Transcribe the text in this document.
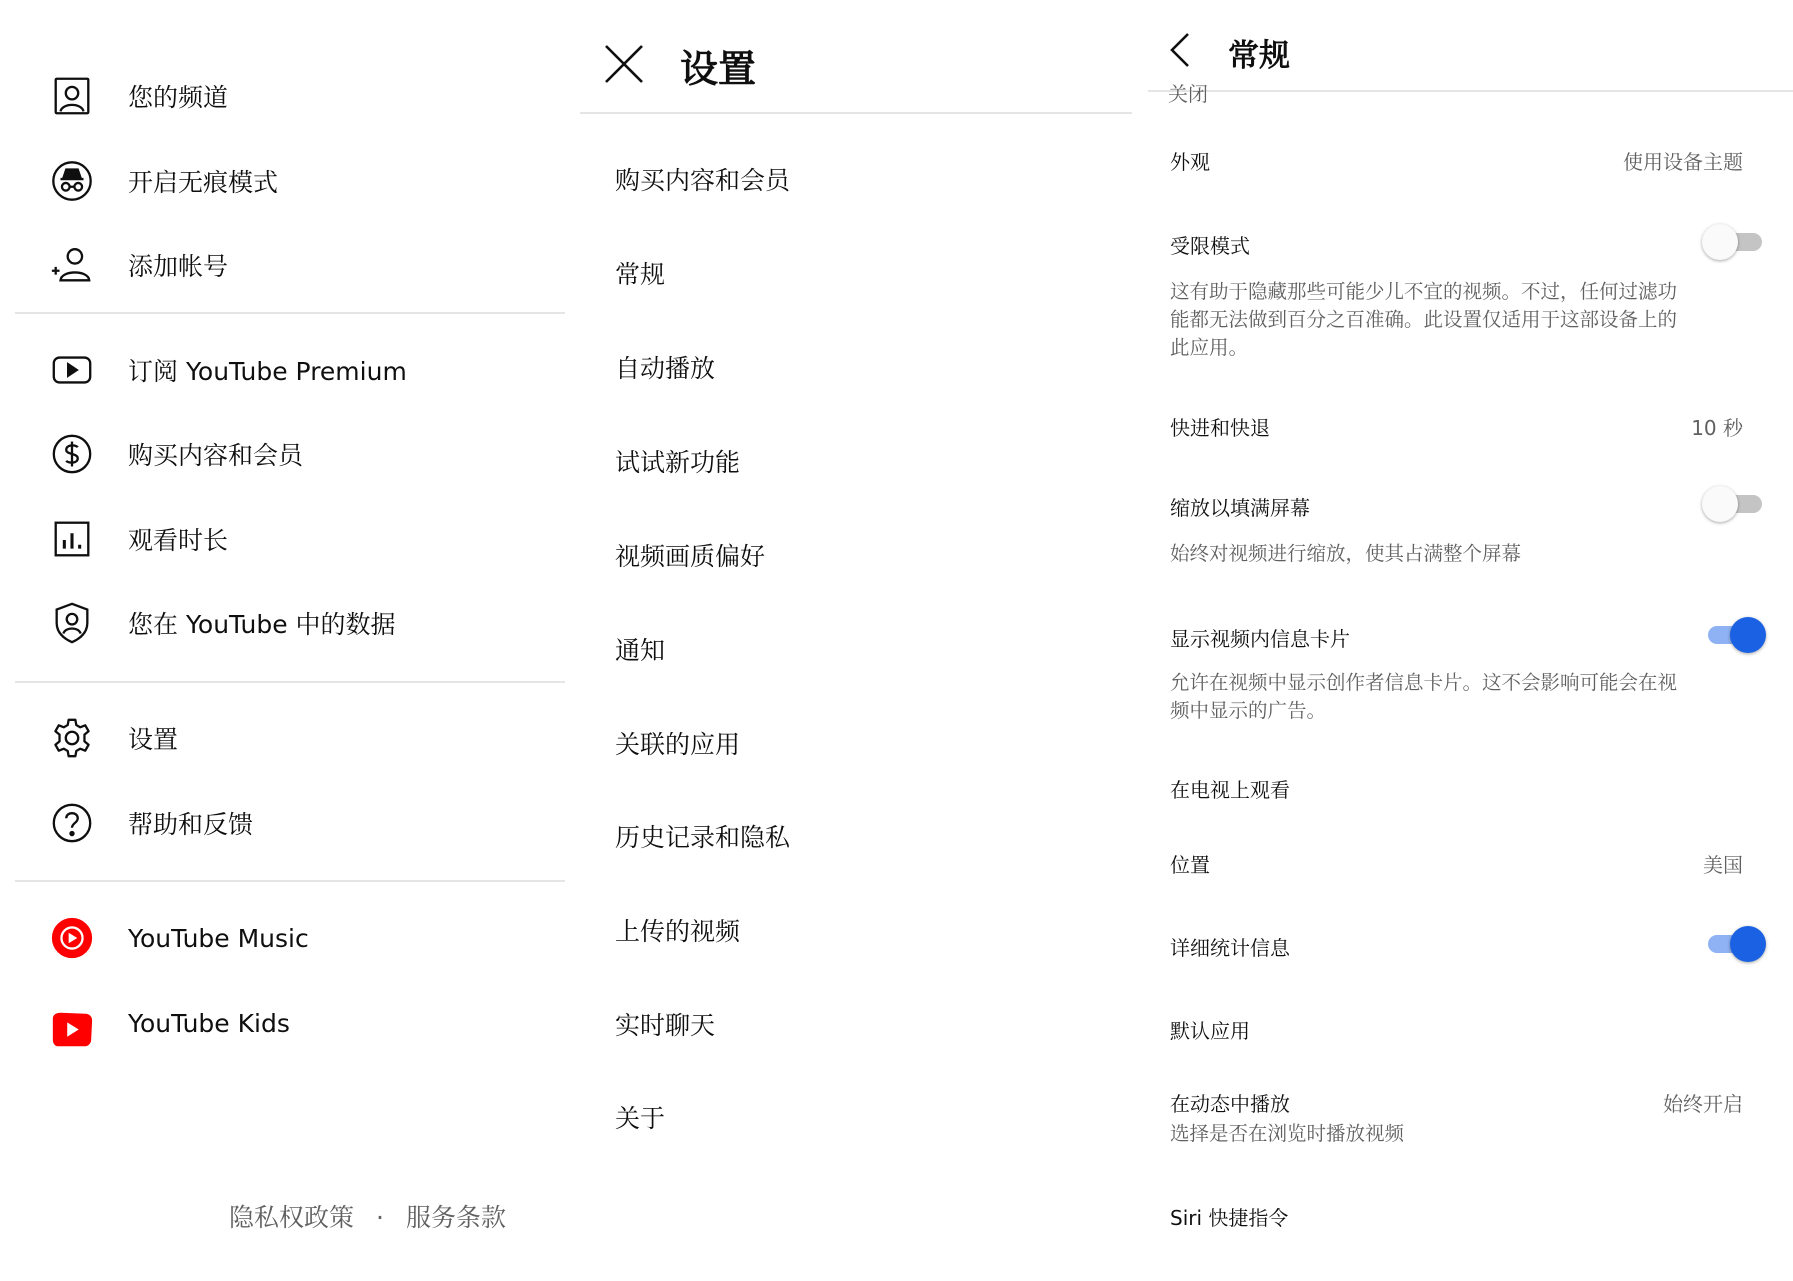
您的频道
开启无痕模式
添加帐号
订阅 YouTube Premium
购买内容和会员
观看时长
您在 YouTube 中的数据
设置
帮助和反馈
YouTube Music
YouTube Kids
隐私权政策 · 服务条款
设置
购买内容和会员
常规
自动播放
试试新功能
视频画质偏好
通知
关联的应用
历史记录和隐私
上传的视频
实时聊天
关于
常规
关闭
外观	使用设备主题
受限模式
这有助于隐藏那些可能少儿不宜的视频。不过，任何过滤功能都无法做到百分之百准确。此设置仅适用于这部设备上的此应用。
快进和快退	10 秒
缩放以填满屏幕
始终对视频进行缩放，使其占满整个屏幕
显示视频内信息卡片
允许在视频中显示创作者信息卡片。这不会影响可能会在视频中显示的广告。
在电视上观看
位置	美国
详细统计信息
默认应用
在动态中播放	始终开启
选择是否在浏览时播放视频
Siri 快捷指令
